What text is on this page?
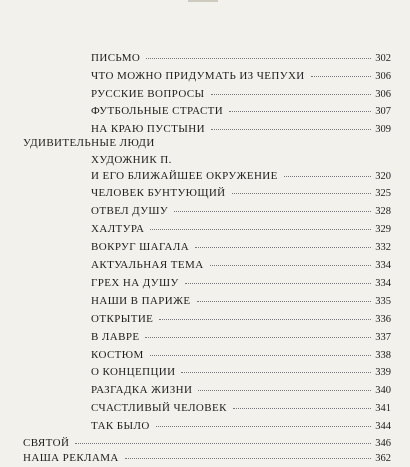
ПИСЬМО	302
ЧТО МОЖНО ПРИДУМАТЬ ИЗ ЧЕПУХИ	306
РУССКИЕ ВОПРОСЫ	306
ФУТБОЛЬНЫЕ СТРАСТИ	307
НА КРАЮ ПУСТЫНИ	309
УДИВИТЕЛЬНЫЕ ЛЮДИ
ХУДОЖНИК П.
И ЕГО БЛИЖАЙШЕЕ ОКРУЖЕНИЕ	320
ЧЕЛОВЕК БУНТУЮЩИЙ	325
ОТВЕЛ ДУШУ	328
ХАЛТУРА	329
ВОКРУГ ШАГАЛА	332
АКТУАЛЬНАЯ ТЕМА	334
ГРЕХ НА ДУШУ	334
НАШИ В ПАРИЖЕ	335
ОТКРЫТИЕ	336
В ЛАВРЕ	337
КОСТЮМ	338
О КОНЦЕПЦИИ	339
РАЗГАДКА ЖИЗНИ	340
СЧАСТЛИВЫЙ ЧЕЛОВЕК	341
ТАК БЫЛО	344
СВЯТОЙ	346
НАША РЕКЛАМА	362
